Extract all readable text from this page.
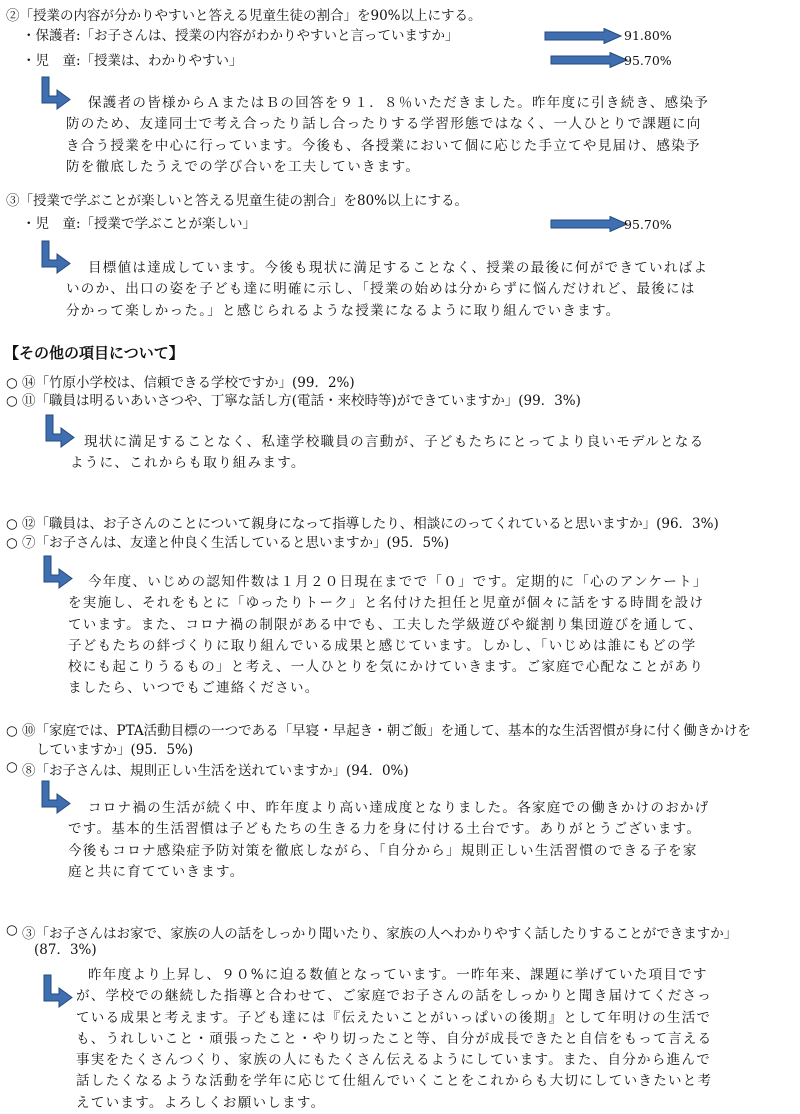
②「授業の内容が分かりやすいと答える児童生徒の割合」を90%以上にする。
・保護者:「お子さんは、授業の内容がわかりやすいと言っていますか」	91.80%
・児　童:「授業は、わかりやすい」	95.70%
保護者の皆様からＡまたはＢの回答を９１．８％いただきました。昨年度に引き続き、感染予
防のため、友達同士で考え合ったり話し合ったりする学習形態ではなく、一人ひとりで課題に向
き合う授業を中心に行っています。今後も、各授業において個に応じた手立てや見届け、感染予
防を徹底したうえでの学び合いを工夫していきます。
③「授業で学ぶことが楽しいと答える児童生徒の割合」を80%以上にする。
・児　童:「授業で学ぶことが楽しい」	95.70%
目標値は達成しています。今後も現状に満足することなく、授業の最後に何ができていればよ
いのか、出口の姿を子ども達に明確に示し、「授業の始めは分からずに悩んだけれど、最後には
分かって楽しかった。」と感じられるような授業になるように取り組んでいきます。
【その他の項目について】
○ ⑭「竹原小学校は、信頼できる学校ですか」(99．2%)
○ ⑪「職員は明るいあいさつや、丁寧な話し方(電話・来校時等)ができていますか」(99．3%)
現状に満足することなく、私達学校職員の言動が、子どもたちにとってより良いモデルとなる
ように、これからも取り組みます。
○ ⑫「職員は、お子さんのことについて親身になって指導したり、相談にのってくれていると思いますか」(96．3%)
○ ⑦「お子さんは、友達と仲良く生活していると思いますか」(95．5%)
今年度、いじめの認知件数は１月２０日現在までで「０」です。定期的に「心のアンケート」
を実施し、それをもとに「ゆったりトーク」と名付けた担任と児童が個々に話をする時間を設け
ています。また、コロナ禍の制限がある中でも、工夫した学級遊びや縦割り集団遊びを通して、
子どもたちの絆づくりに取り組んでいる成果と感じています。しかし、「いじめは誰にもどの学
校にも起こりうるもの」と考え、一人ひとりを気にかけていきます。ご家庭で心配なことがあり
ましたら、いつでもご連絡ください。
○ ⑩「家庭では、PTA活動目標の一つである「早寝・早起き・朝ご飯」を通して、基本的な生活習慣が身に付く働きかけを
していますか」(95．5%)
○ ⑧「お子さんは、規則正しい生活を送れていますか」(94．0%)
コロナ禍の生活が続く中、昨年度より高い達成度となりました。各家庭での働きかけのおかげ
です。基本的生活習慣は子どもたちの生きる力を身に付ける土台です。ありがとうございます。
今後もコロナ感染症予防対策を徹底しながら、「自分から」規則正しい生活習慣のできる子を家
庭と共に育てていきます。
○ ③「お子さんはお家で、家族の人の話をしっかり聞いたり、家族の人へわかりやすく話したりすることができますか」
(87．3%)
昨年度より上昇し、９０%に迫る数値となっています。一昨年来、課題に挙げていた項目です
が、学校での継続した指導と合わせて、ご家庭でお子さんの話をしっかりと聞き届けてくださっ
ている成果と考えます。子ども達には『伝えたいことがいっぱいの後期』として年明けの生活で
も、うれしいこと・頑張ったこと・やり切ったこと等、自分が成長できたと自信をもって言える
事実をたくさんつくり、家族の人にもたくさん伝えるようにしています。また、自分から進んで
話したくなるような活動を学年に応じて仕組んでいくことをこれからも大切にしていきたいと考
えています。よろしくお願いします。
